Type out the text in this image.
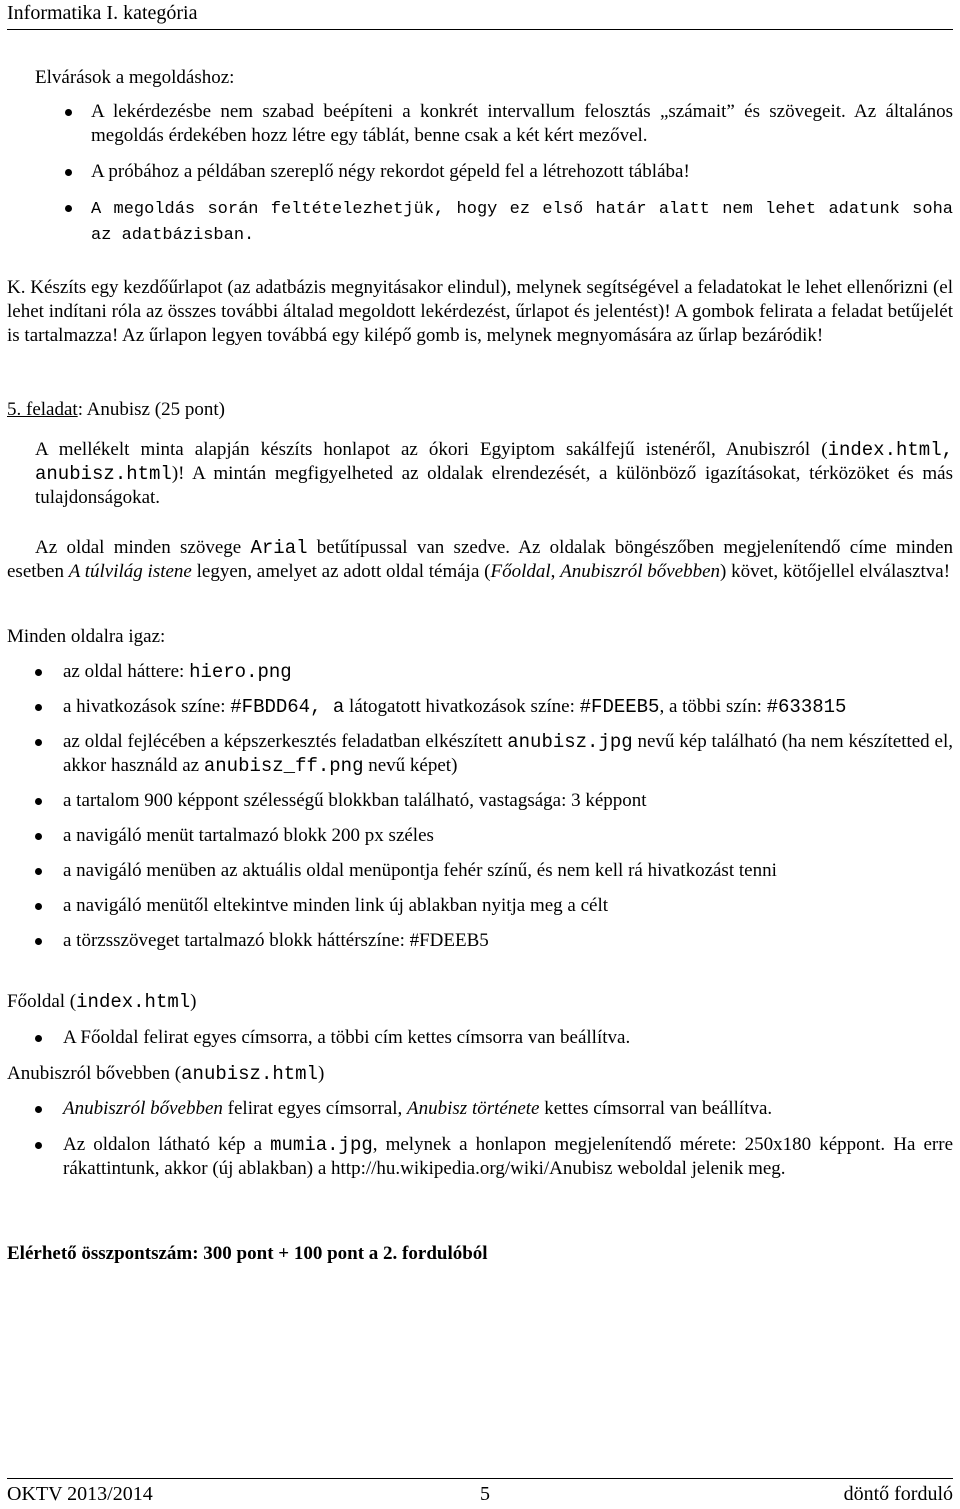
Informatika I. kategória
Elvárások a megoldáshoz:
A lekérdezésbe nem szabad beépíteni a konkrét intervallum felosztás „számait” és szövegeit. Az általános megoldás érdekében hozz létre egy táblát, benne csak a két kért mezővel.
A próbához a példában szereplő négy rekordot gépeld fel a létrehozott táblába!
A megoldás során feltételezhetjük, hogy ez első határ alatt nem lehet adatunk soha az adatbázisban.
K. Készíts egy kezdőűrlapot (az adatbázis megnyitásakor elindul), melynek segítségével a feladatokat le lehet ellenőrizni (el lehet indítani róla az összes további általad megoldott lekérdezést, űrlapot és jelentést)! A gombok felirata a feladat betűjelét is tartalmazza! Az űrlapon legyen továbbá egy kilépő gomb is, melynek megnyomására az űrlap bezáródik!
5. feladat: Anubisz (25 pont)
A mellékelt minta alapján készíts honlapot az ókori Egyiptom sakálfejű istenéről, Anubiszról (index.html, anubisz.html)! A mintán megfigyelheted az oldalak elrendezését, a különböző igazításokat, térközöket és más tulajdonságokat.
Az oldal minden szövege Arial betűtípussal van szedve. Az oldalak böngészőben megjelenítendő címe minden esetben A túlvilág istene legyen, amelyet az adott oldal témája (Főoldal, Anubiszról bővebben) követ, kötőjellel elválasztva!
Minden oldalra igaz:
az oldal háttere: hiero.png
a hivatkozások színe: #FBDD64, a látogatott hivatkozások színe: #FDEEB5, a többi szín: #633815
az oldal fejlécében a képszerkesztés feladatban elkészített anubisz.jpg nevű kép található (ha nem készítetted el, akkor használd az anubisz_ff.png nevű képet)
a tartalom 900 képpont szélességű blokkban található, vastagsága: 3 képpont
a navigáló menüt tartalmazó blokk 200 px széles
a navigáló menüben az aktuális oldal menüpontja fehér színű, és nem kell rá hivatkozást tenni
a navigáló menütől eltekintve minden link új ablakban nyitja meg a célt
a törzsszöveget tartalmazó blokk háttérszíne: #FDEEB5
Főoldal (index.html)
A Főoldal felirat egyes címsorra, a többi cím kettes címsorra van beállítva.
Anubiszról bővebben (anubisz.html)
Anubiszról bővebben felirat egyes címsorral, Anubisz története kettes címsorral van beállítva.
Az oldalon látható kép a mumia.jpg, melynek a honlapon megjelenítendő mérete: 250x180 képpont. Ha erre rákattintunk, akkor (új ablakban) a http://hu.wikipedia.org/wiki/Anubisz weboldal jelenik meg.
Elérhető összpontszám: 300 pont + 100 pont a 2. fordulóból
OKTV 2013/2014	5	döntő forduló
